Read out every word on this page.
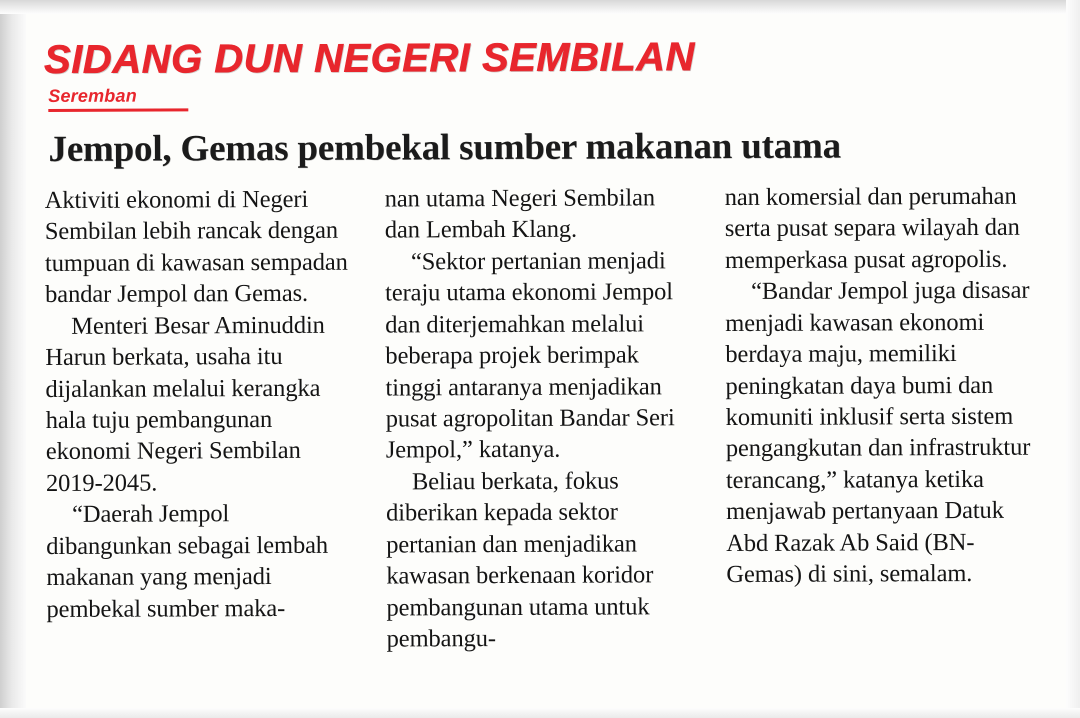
SIDANG DUN NEGERI SEMBILAN
Seremban
Jempol, Gemas pembekal sumber makanan utama

Aktiviti ekonomi di Negeri Sembilan lebih rancak dengan tumpuan di kawasan sempadan bandar Jempol dan Gemas.

Menteri Besar Aminuddin Harun berkata, usaha itu dijalankan melalui kerangka hala tuju pembangunan ekonomi Negeri Sembilan 2019-2045.

“Daerah Jempol dibangunkan sebagai lembah makanan yang menjadi pembekal sumber maka-

nan utama Negeri Sembilan dan Lembah Klang.

“Sektor pertanian menjadi teraju utama ekonomi Jempol dan diterjemahkan melalui beberapa projek berimpak tinggi antaranya menjadikan pusat agropolitan Bandar Seri Jempol,” katanya.

Beliau berkata, fokus diberikan kepada sektor pertanian dan menjadikan kawasan berkenaan koridor pembangunan utama untuk pembangu-

nan komersial dan perumahan serta pusat separa wilayah dan memperkasa pusat agropolis.

“Bandar Jempol juga disasar menjadi kawasan ekonomi berdaya maju, memiliki peningkatan daya bumi dan komuniti inklusif serta sistem pengangkutan dan infrastruktur terancang,” katanya ketika menjawab pertanyaan Datuk Abd Razak Ab Said (BN-Gemas) di sini, semalam.
